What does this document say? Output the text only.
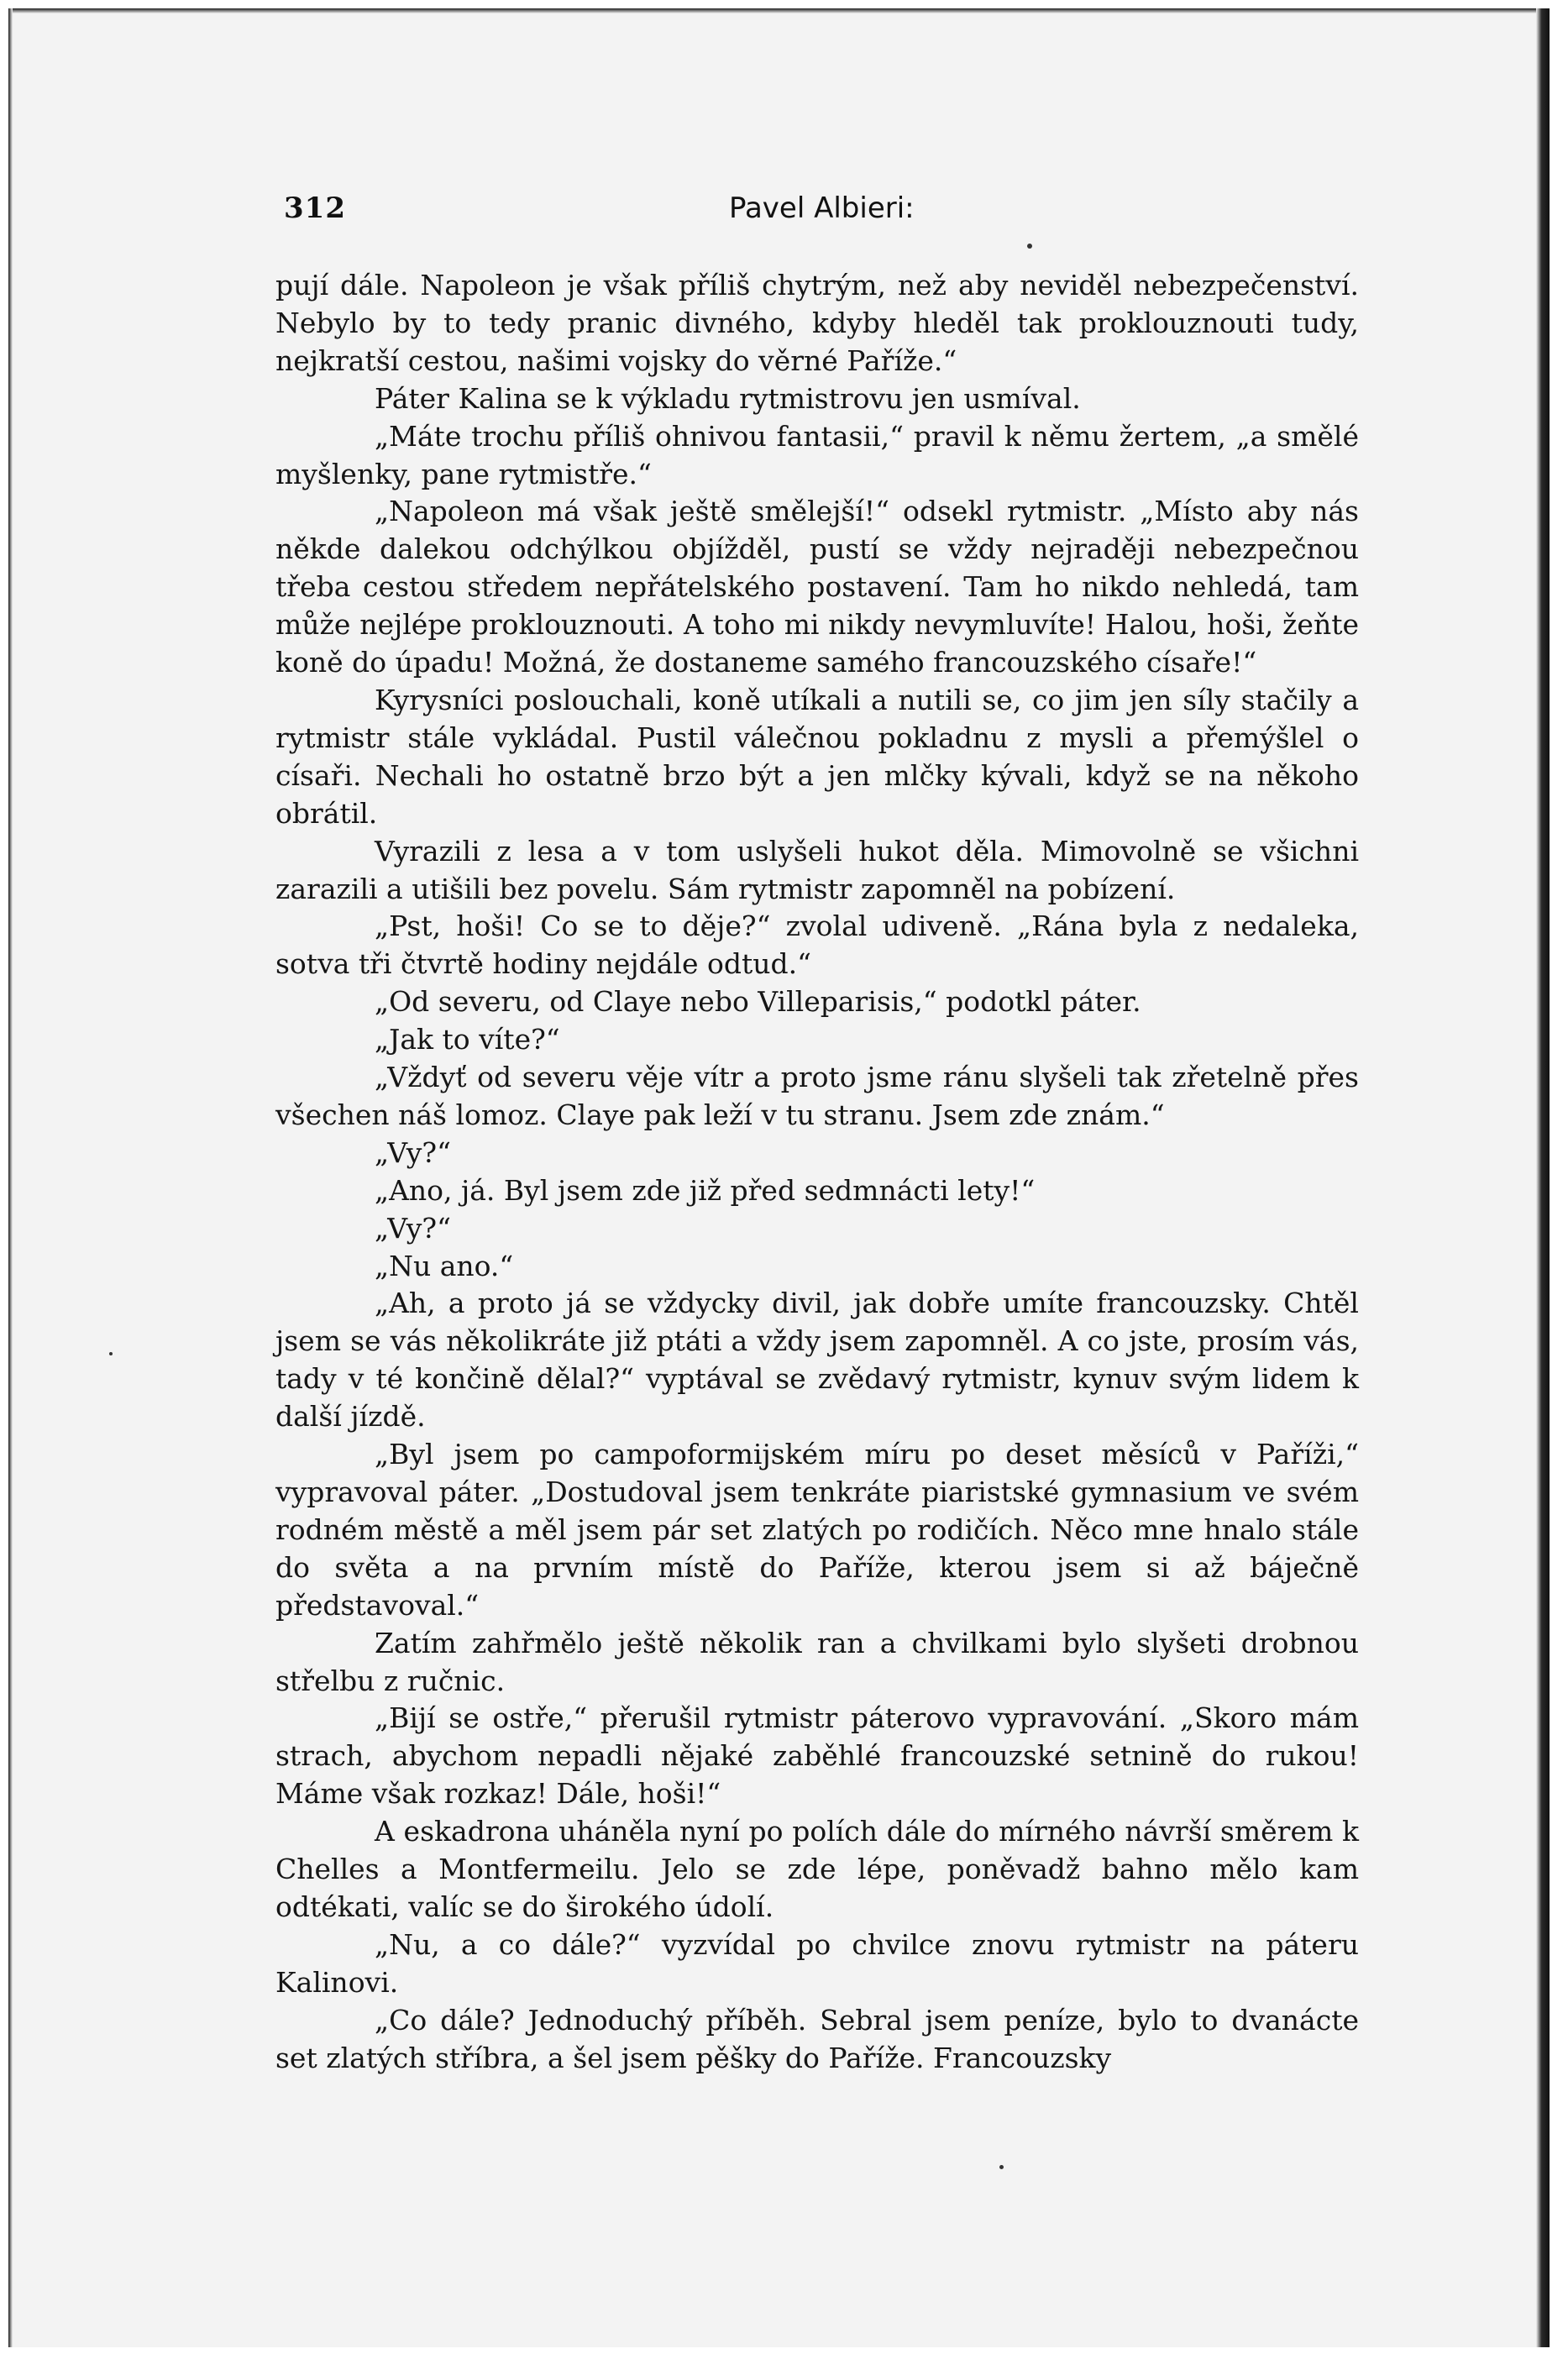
312	Pavel Albieri:

pují dále. Napoleon je však příliš chytrým, než aby neviděl nebezpečenství. Nebylo by to tedy pranic divného, kdyby hleděl tak proklouznouti tudy, nejkratší cestou, našimi vojsky do věrné Paříže.“

Páter Kalina se k výkladu rytmistrovu jen usmíval.

„Máte trochu příliš ohnivou fantasii,“ pravil k němu žertem, „a smělé myšlenky, pane rytmistře.“

„Napoleon má však ještě smělejší!“ odsekl rytmistr. „Místo aby nás někde dalekou odchýlkou objížděl, pustí se vždy nejraději nebezpečnou třeba cestou středem nepřátelského postavení. Tam ho nikdo nehledá, tam může nejlépe proklouznouti. A toho mi nikdy nevymluvíte! Halou, hoši, žeňte koně do úpadu! Možná, že dostaneme samého francouzského císaře!“

Kyrysníci poslouchali, koně utíkali a nutili se, co jim jen síly stačily a rytmistr stále vykládal. Pustil válečnou pokladnu z mysli a přemýšlel o císaři. Nechali ho ostatně brzo být a jen mlčky kývali, když se na někoho obrátil.

Vyrazili z lesa a v tom uslyšeli hukot děla. Mimovolně se všichni zarazili a utišili bez povelu. Sám rytmistr zapomněl na pobízení.

„Pst, hoši! Co se to děje?“ zvolal udiveně. „Rána byla z nedaleka, sotva tři čtvrtě hodiny nejdále odtud.“

„Od severu, od Claye nebo Villeparisis,“ podotkl páter.

„Jak to víte?“

„Vždyť od severu věje vítr a proto jsme ránu slyšeli tak zřetelně přes všechen náš lomoz. Claye pak leží v tu stranu. Jsem zde znám.“

„Vy?“

„Ano, já. Byl jsem zde již před sedmnácti lety!“

„Vy?“

„Nu ano.“

„Ah, a proto já se vždycky divil, jak dobře umíte francouzsky. Chtěl jsem se vás několikráte již ptáti a vždy jsem zapomněl. A co jste, prosím vás, tady v té končině dělal?“ vyptával se zvědavý rytmistr, kynuv svým lidem k další jízdě.

„Byl jsem po campoformijském míru po deset měsíců v Paříži,“ vypravoval páter. „Dostudoval jsem tenkráte piaristské gymnasium ve svém rodném městě a měl jsem pár set zlatých po rodičích. Něco mne hnalo stále do světa a na prvním místě do Paříže, kterou jsem si až báječně představoval.“

Zatím zahřmělo ještě několik ran a chvilkami bylo slyšeti drobnou střelbu z ručnic.

„Bijí se ostře,“ přerušil rytmistr páterovo vypravování. „Skoro mám strach, abychom nepadli nějaké zaběhlé francouzské setnině do rukou! Máme však rozkaz! Dále, hoši!“

A eskadrona uháněla nyní po polích dále do mírného návrší směrem k Chelles a Montfermeilu. Jelo se zde lépe, poněvadž bahno mělo kam odtékati, valíc se do širokého údolí.

„Nu, a co dále?“ vyzvídal po chvilce znovu rytmistr na páteru Kalinovi.

„Co dále? Jednoduchý příběh. Sebral jsem peníze, bylo to dvanácte set zlatých stříbra, a šel jsem pěšky do Paříže. Francouzsky
